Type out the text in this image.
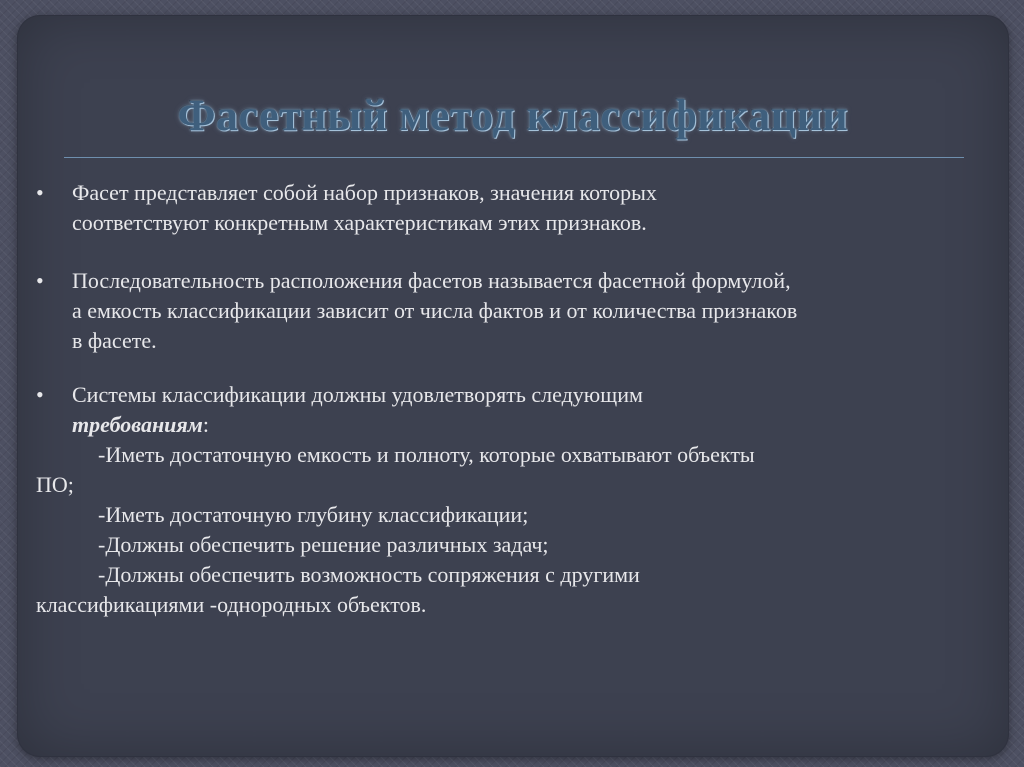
Фасетный метод классификации
• Фасет представляет собой набор признаков, значения которых
соответствуют конкретным характеристикам этих признаков.
• Последовательность расположения фасетов называется фасетной формулой,
а емкость классификации зависит от числа фактов и от количества признаков
в фасете.
• Системы классификации должны удовлетворять следующим
требованиям:
-Иметь достаточную емкость и полноту, которые охватывают объекты
ПО;
-Иметь достаточную глубину классификации;
-Должны обеспечить решение различных задач;
-Должны обеспечить возможность сопряжения с другими
классификациями -однородных объектов.
